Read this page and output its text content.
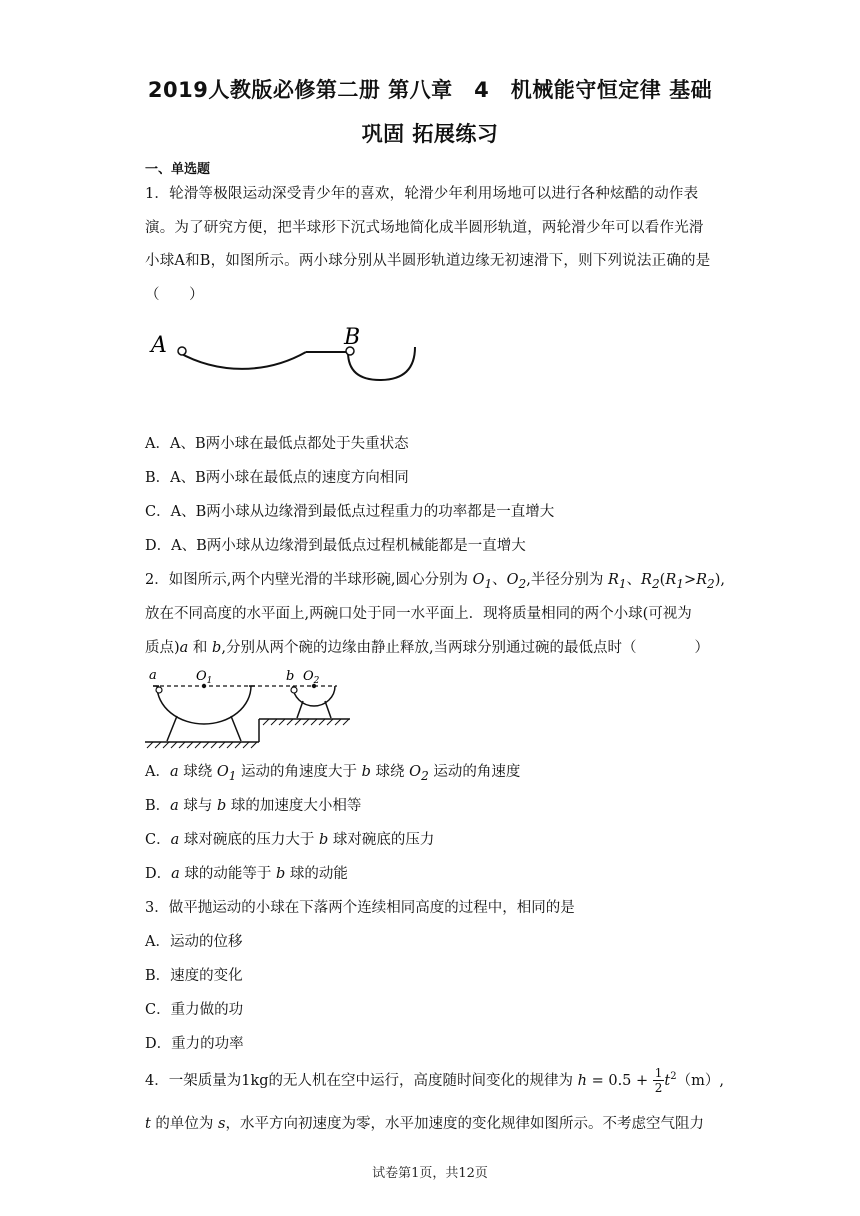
2019人教版必修第二册 第八章　4　机械能守恒定律 基础
巩固 拓展练习
一、单选题
1．轮滑等极限运动深受青少年的喜欢，轮滑少年利用场地可以进行各种炫酷的动作表演。为了研究方便，把半球形下沉式场地简化成半圆形轨道，两轮滑少年可以看作光滑小球A和B，如图所示。两小球分别从半圆形轨道边缘无初速滑下，则下列说法正确的是（　　）
A	B
A．A、B两小球在最低点都处于失重状态
B．A、B两小球在最低点的速度方向相同
C．A、B两小球从边缘滑到最低点过程重力的功率都是一直增大
D．A、B两小球从边缘滑到最低点过程机械能都是一直增大
2．如图所示,两个内壁光滑的半球形碗,圆心分别为 $O_1$、$O_2$,半径分别为 $R_1$、$R_2(R_1>R_2)$,
放在不同高度的水平面上,两碗口处于同一水平面上．现将质量相同的两个小球(可视为
质点)a 和 b,分别从两个碗的边缘由静止释放,当两球分别通过碗的最低点时（　　　　）
a	$O_1$	b $O_2$
A．a 球绕 $O_1$ 运动的角速度大于 b 球绕 $O_2$ 运动的角速度
B．a 球与 b 球的加速度大小相等
C．a 球对碗底的压力大于 b 球对碗底的压力
D．a 球的动能等于 b 球的动能
3．做平抛运动的小球在下落两个连续相同高度的过程中，相同的是
A．运动的位移
B．速度的变化
C．重力做的功
D．重力的功率
4．一架质量为1kg的无人机在空中运行，高度随时间变化的规律为 $h = 0.5 + \frac{1}{2} t^2(m)$,
t 的单位为 s，水平方向初速度为零，水平加速度的变化规律如图所示。不考虑空气阻力
试卷第1页，共12页
